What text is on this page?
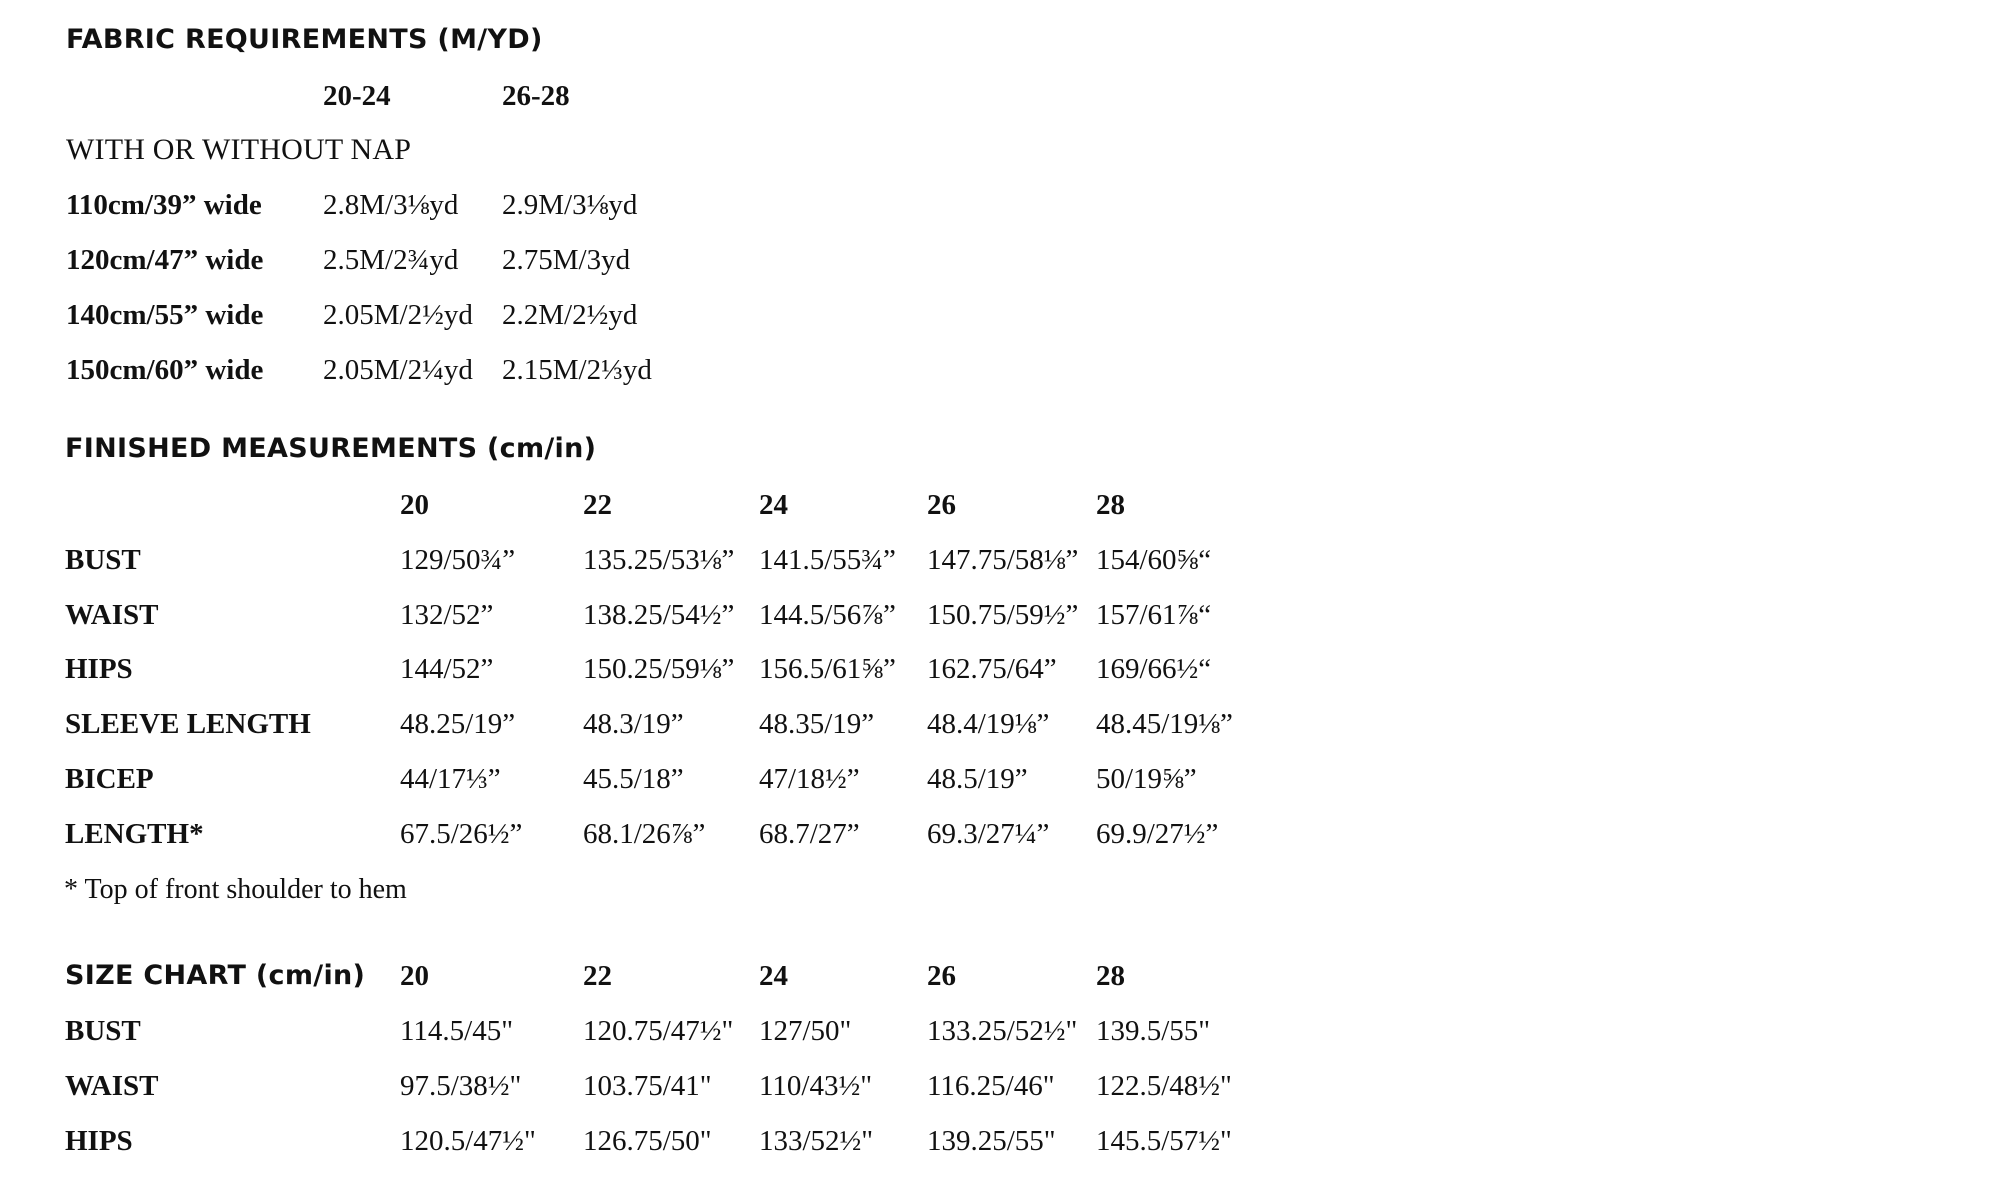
FABRIC REQUIREMENTS (M/YD)
20-24	26-28
WITH OR WITHOUT NAP
110cm/39” wide 2.8M/3⅛yd 2.9M/3⅛yd
120cm/47” wide 2.5M/2¾yd 2.75M/3yd
140cm/55” wide 2.05M/2½yd 2.2M/2½yd
150cm/60” wide 2.05M/2¼yd 2.15M/2⅓yd
FINISHED MEASUREMENTS (cm/in)
20	22	24	26	28
BUST	129/50¾” 135.25/53⅛” 141.5/55¾” 147.75/58⅛” 154/60⅝“
WAIST	132/52”	138.25/54½” 144.5/56⅞” 150.75/59½” 157/61⅞“
HIPS	144/52”	150.25/59⅛” 156.5/61⅝” 162.75/64” 169/66½“
SLEEVE LENGTH	48.25/19” 48.3/19”	48.35/19” 48.4/19⅛” 48.45/19⅛”
BICEP	44/17⅓”	45.5/18”	47/18½” 48.5/19” 50/19⅝”
LENGTH*	67.5/26½” 68.1/26⅞” 68.7/27” 69.3/27¼” 69.9/27½”
* Top of front shoulder to hem
SIZE CHART (cm/in) 20	22	24	26	28
BUST	114.5/45" 120.75/47½" 127/50"	133.25/52½" 139.5/55"
WAIST	97.5/38½" 103.75/41" 110/43½" 116.25/46" 122.5/48½"
HIPS	120.5/47½" 126.75/50" 133/52½" 139.25/55" 145.5/57½"
